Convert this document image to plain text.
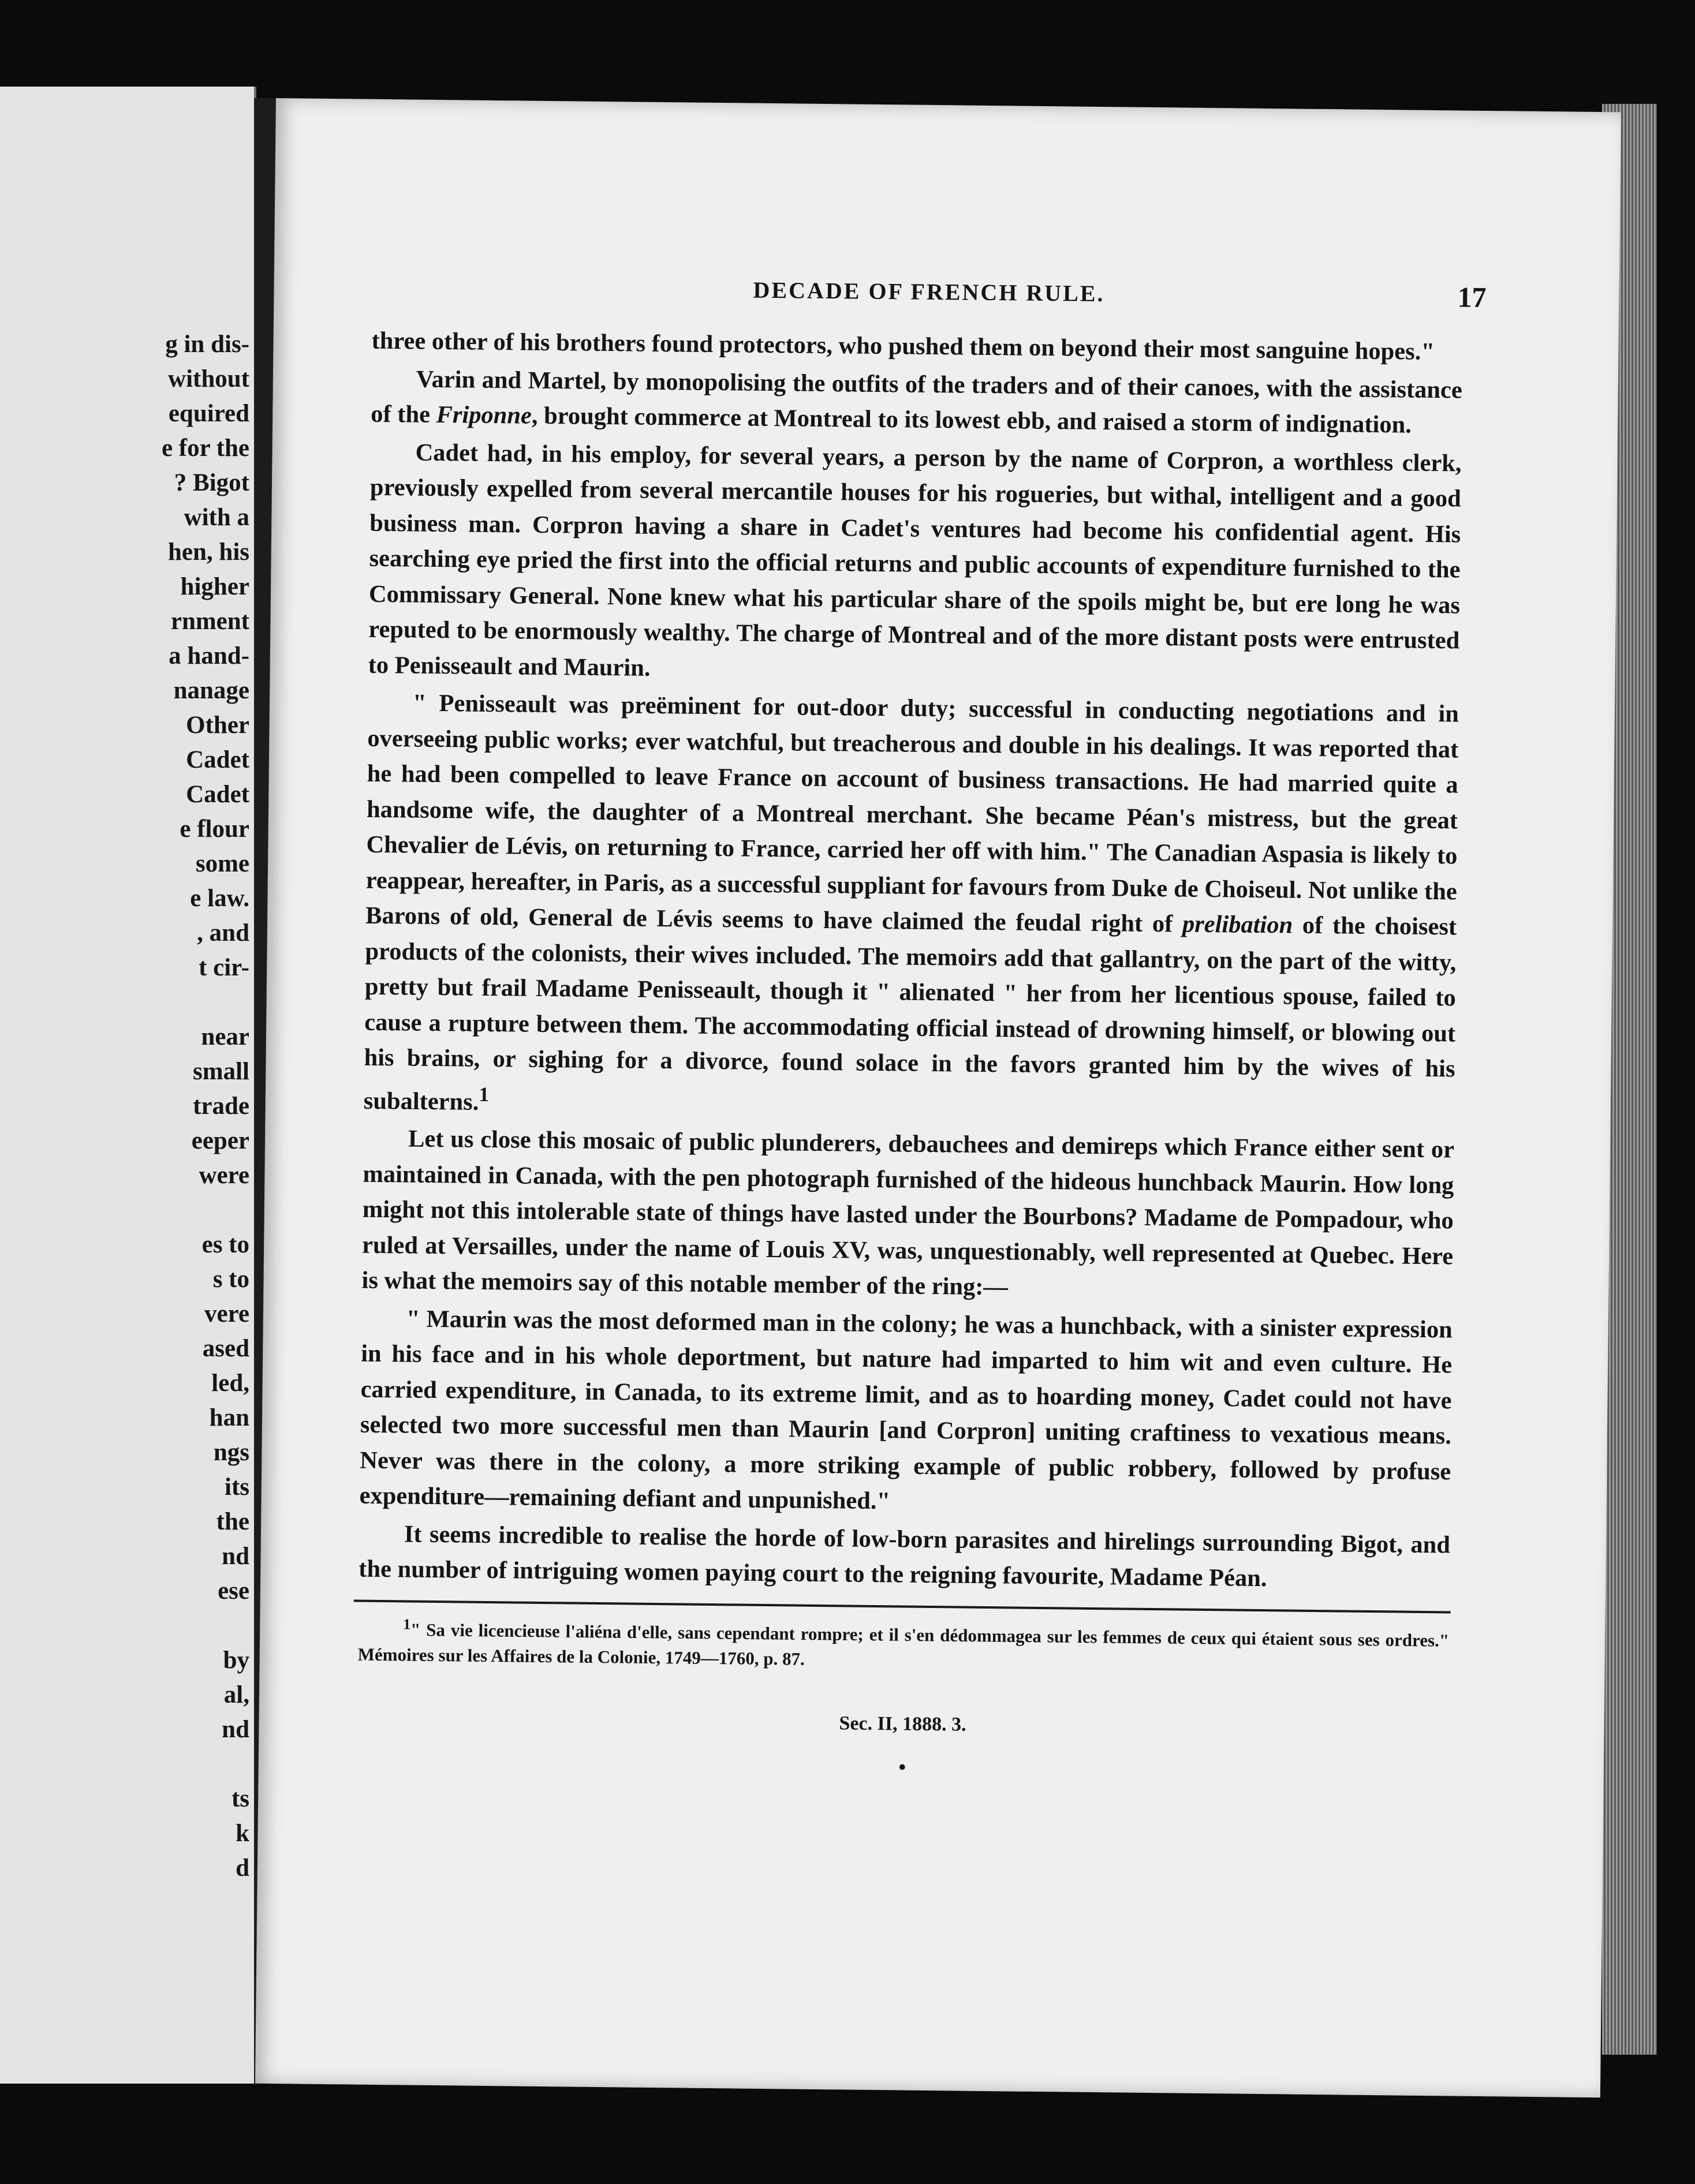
g in dis-
without
equired
e for the
? Bigot
with a
hen, his
higher
rnment
a hand-
nanage
Other
Cadet
Cadet
e flour
some
e law.
, and
t cir-
near
small
trade
eeper
were
es to
s to
vere
ased
led,
han
ngs
its
the
nd
ese
by
al,
nd
ts
k
d
DECADE OF FRENCH RULE.	17

three other of his brothers found protectors, who pushed them on beyond their most sanguine hopes."

Varin and Martel, by monopolising the outfits of the traders and of their canoes, with the assistance of the Friponne, brought commerce at Montreal to its lowest ebb, and raised a storm of indignation.

Cadet had, in his employ, for several years, a person by the name of Corpron, a worthless clerk, previously expelled from several mercantile houses for his rogueries, but withal, intelligent and a good business man. Corpron having a share in Cadet's ventures had become his confidential agent. His searching eye pried the first into the official returns and public accounts of expenditure furnished to the Commissary General. None knew what his particular share of the spoils might be, but ere long he was reputed to be enormously wealthy. The charge of Montreal and of the more distant posts were entrusted to Penisseault and Maurin.

" Penisseault was preëminent for out-door duty; successful in conducting negotiations and in overseeing public works; ever watchful, but treacherous and double in his dealings. It was reported that he had been compelled to leave France on account of business transactions. He had married quite a handsome wife, the daughter of a Montreal merchant. She became Péan's mistress, but the great Chevalier de Lévis, on returning to France, carried her off with him." The Canadian Aspasia is likely to reappear, hereafter, in Paris, as a successful suppliant for favours from Duke de Choiseul. Not unlike the Barons of old, General de Lévis seems to have claimed the feudal right of prelibation of the choisest products of the colonists, their wives included. The memoirs add that gallantry, on the part of the witty, pretty but frail Madame Penisseault, though it " alienated " her from her licentious spouse, failed to cause a rupture between them. The accommodating official instead of drowning himself, or blowing out his brains, or sighing for a divorce, found solace in the favors granted him by the wives of his subalterns.$^1$

Let us close this mosaic of public plunderers, debauchees and demireps which France either sent or maintained in Canada, with the pen photograph furnished of the hideous hunchback Maurin. How long might not this intolerable state of things have lasted under the Bourbons? Madame de Pompadour, who ruled at Versailles, under the name of Louis XV, was, unquestionably, well represented at Quebec. Here is what the memoirs say of this notable member of the ring:—

" Maurin was the most deformed man in the colony; he was a hunchback, with a sinister expression in his face and in his whole deportment, but nature had imparted to him wit and even culture. He carried expenditure, in Canada, to its extreme limit, and as to hoarding money, Cadet could not have selected two more successful men than Maurin [and Corpron] uniting craftiness to vexatious means. Never was there in the colony, a more striking example of public robbery, followed by profuse expenditure—remaining defiant and unpunished."

It seems incredible to realise the horde of low-born parasites and hirelings surrounding Bigot, and the number of intriguing women paying court to the reigning favourite, Madame Péan.

$^1$" Sa vie licencieuse l'aliéna d'elle, sans cependant rompre; et il s'en dédommagea sur les femmes de ceux qui étaient sous ses ordres." Mémoires sur les Affaires de la Colonie, 1749—1760, p. 87.

Sec. II, 1888. 3.
•
